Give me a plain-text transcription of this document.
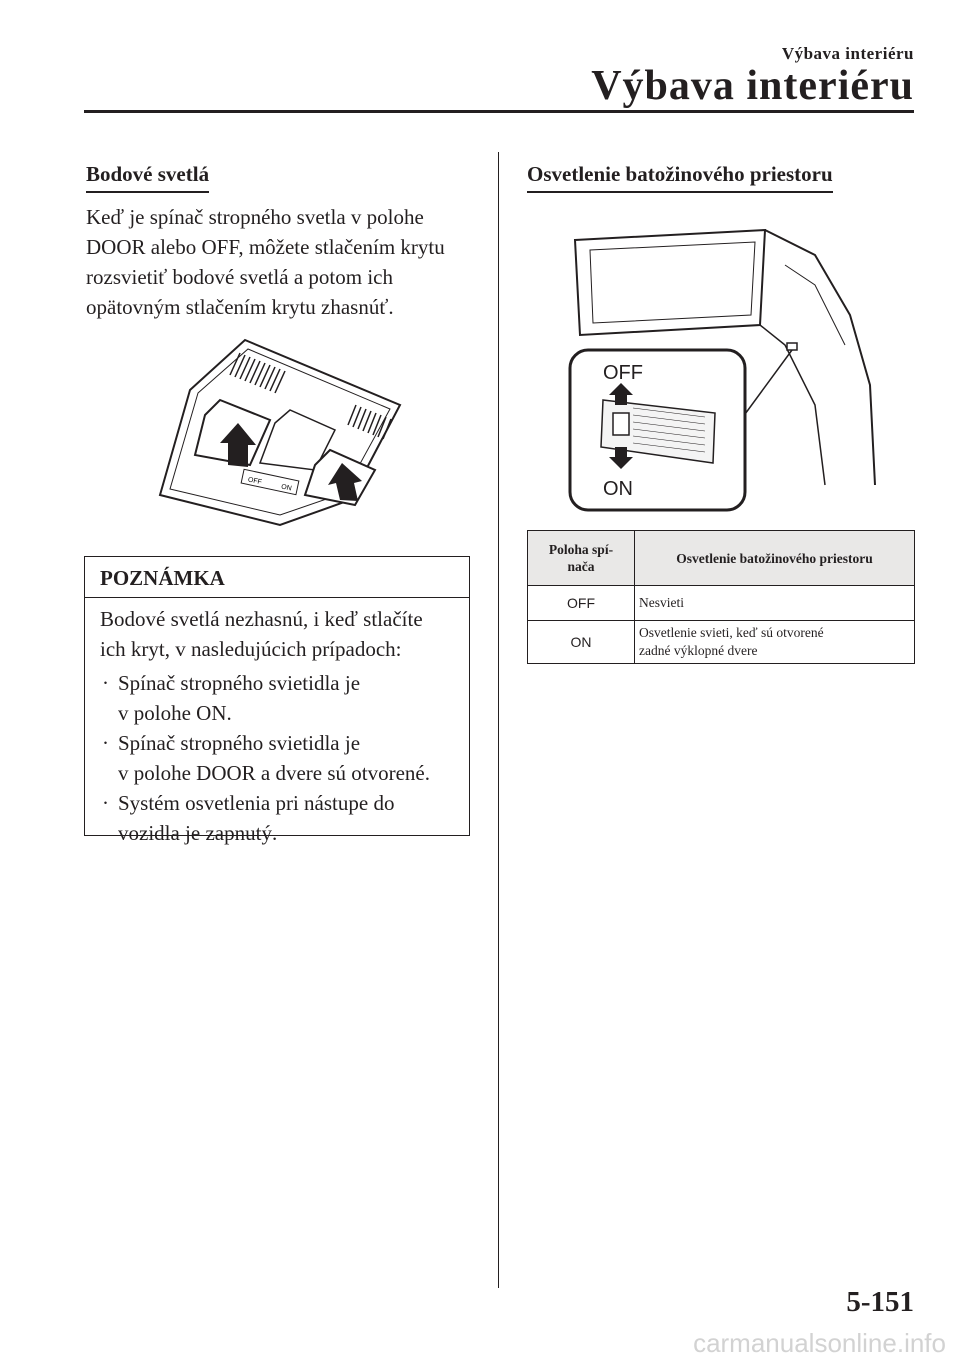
Výbava interiéru
Výbava interiéru
Bodové svetlá
Keď je spínač stropného svetla v polohe
DOOR alebo OFF, môžete stlačením krytu
rozsvietiť bodové svetlá a potom ich
opätovným stlačením krytu zhasnúť.
OFF
ON
POZNÁMKA
Bodové svetlá nezhasnú, i keď stlačíte
ich kryt, v nasledujúcich prípadoch:
· Spínač stropného svietidla je
v polohe ON.
· Spínač stropného svietidla je
v polohe DOOR a dvere sú otvorené.
· Systém osvetlenia pri nástupe do
vozidla je zapnutý.
Osvetlenie batožinového priestoru
OFF
ON
Poloha spí-
nača	Osvetlenie batožinového priestoru
OFF	Nesvieti
ON	Osvetlenie svieti, keď sú otvorené
zadné výklopné dvere
5-151
carmanualsonline.info
